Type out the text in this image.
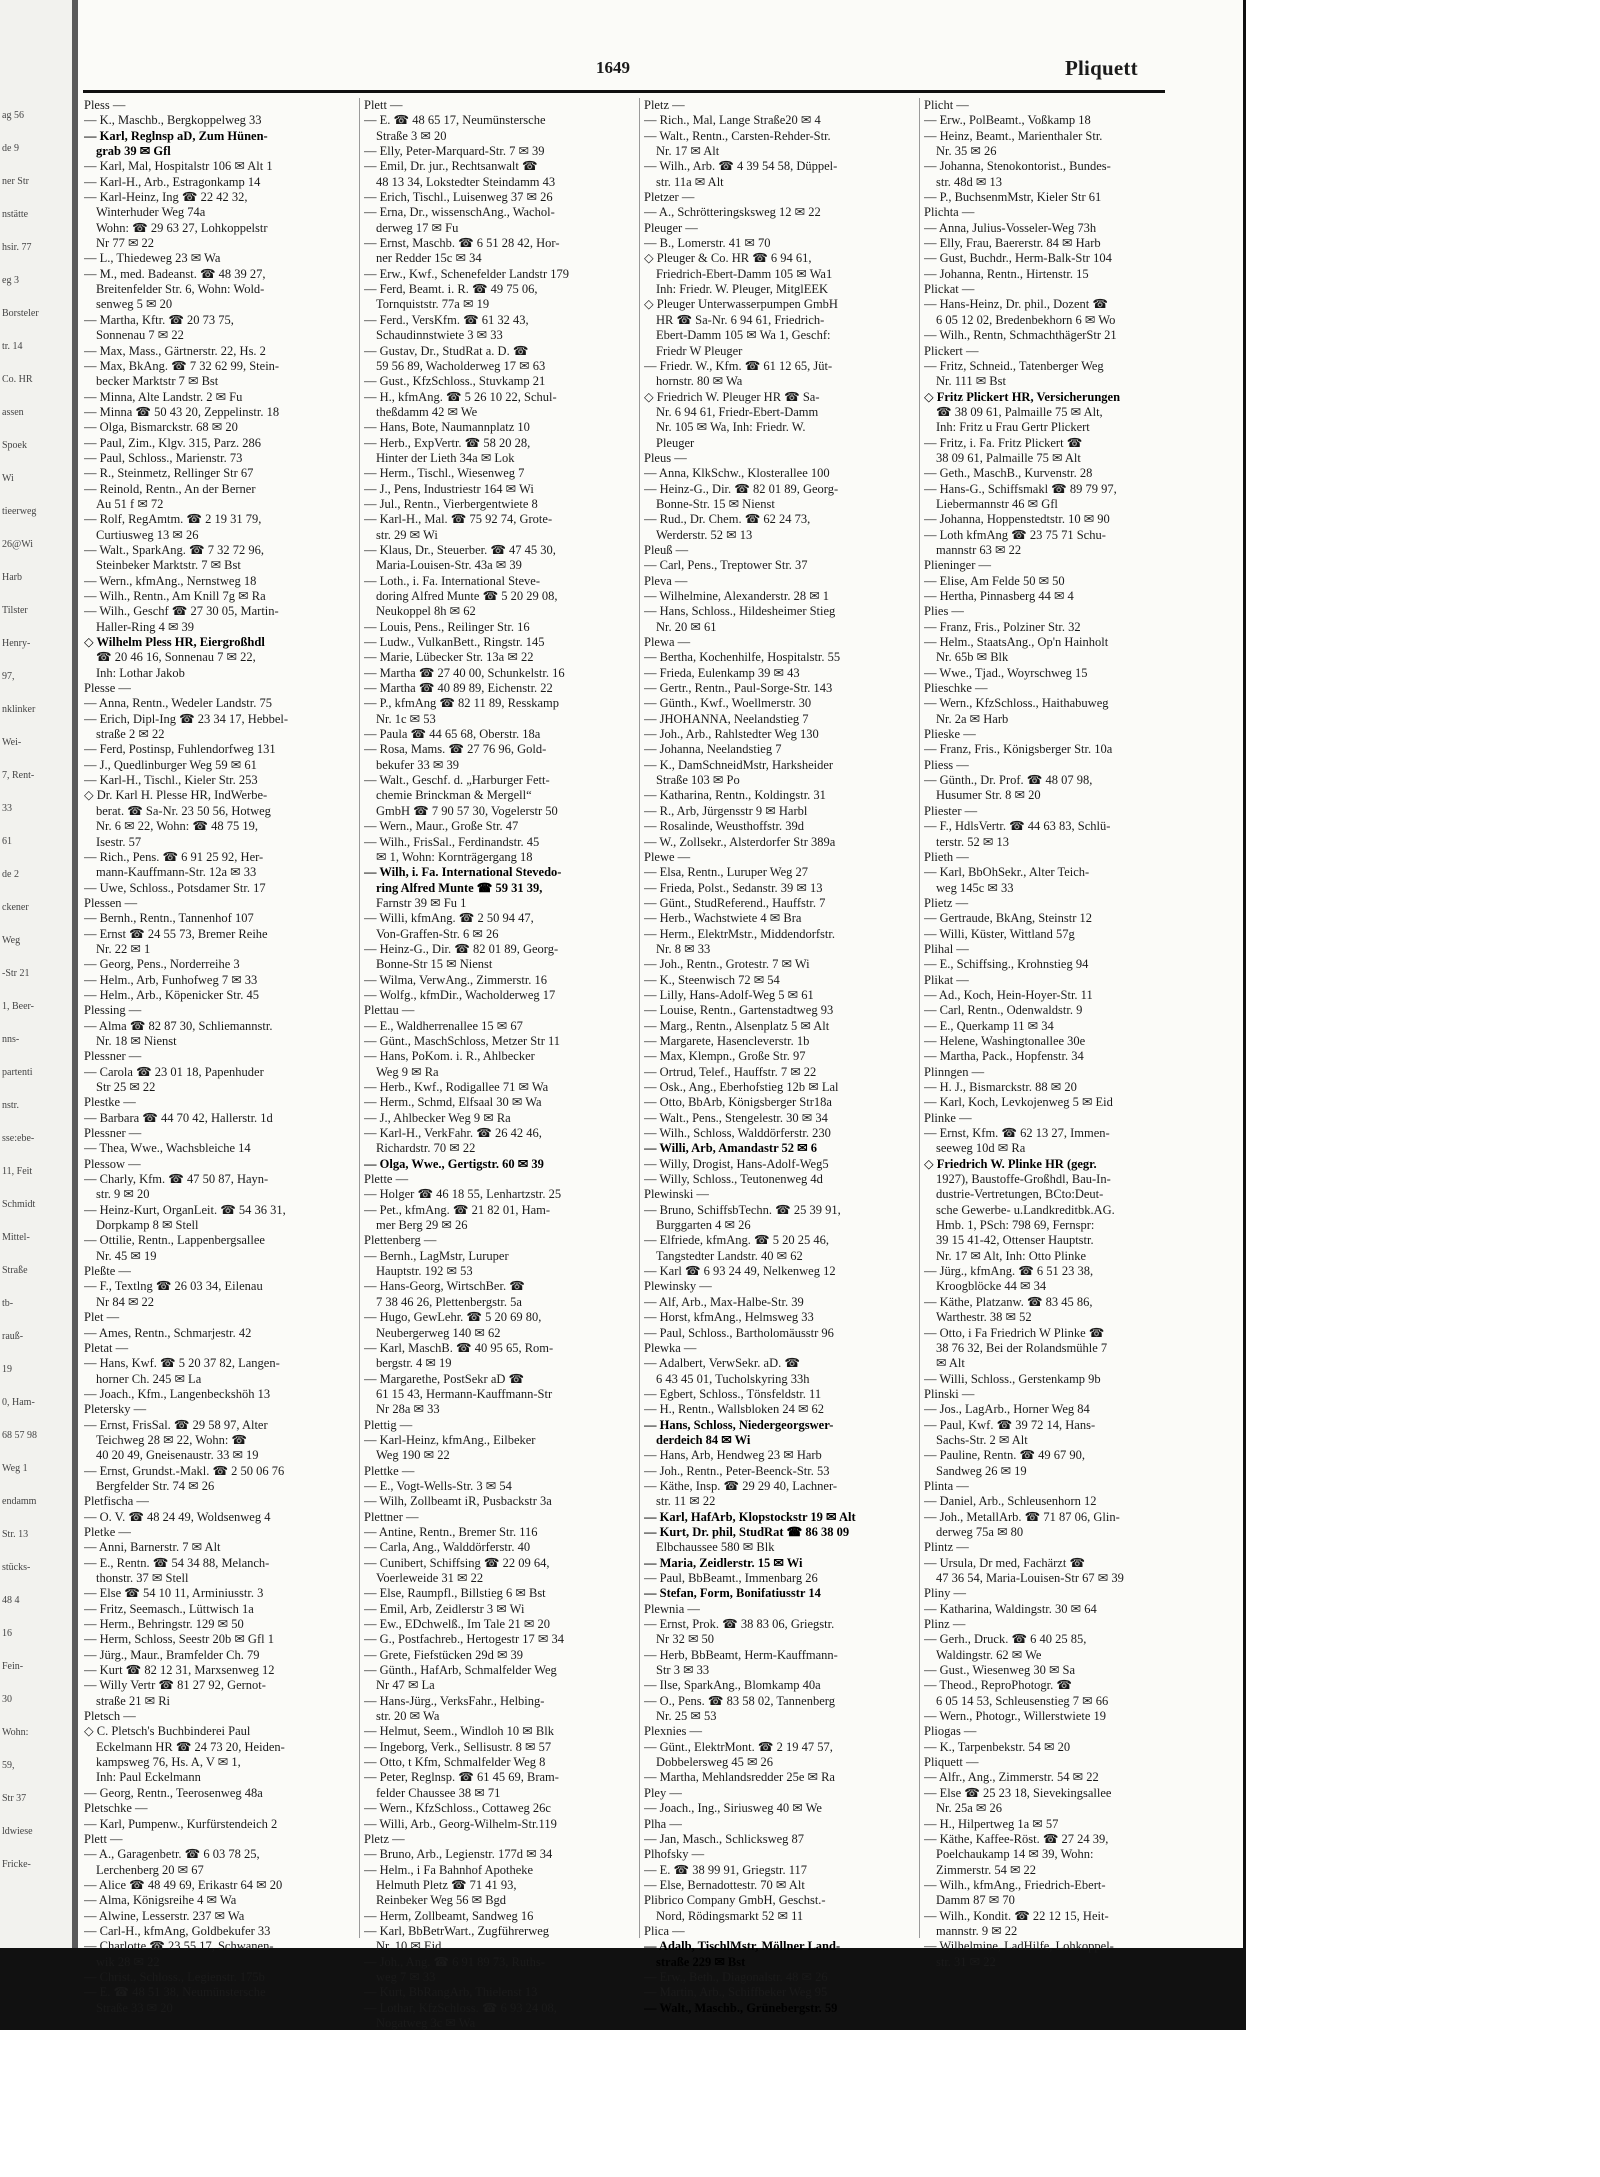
ag 56
de 9
ner Str
nstätte
hsir. 77
eg 3
Borsteler
tr. 14
Co. HR
assen
Spoek
Wi
tieerweg
26@Wi
Harb
Tilster
Henry-
97,
nklinker
Wei-
7, Rent-
33
61
de 2
ckener
Weg
-Str 21
1, Beer-
nns-
partenti
nstr.
sse:ebe-
11, Feit
Schmidt
Mittel-
Straße
tb-
rauß-
19
0, Ham-
68 57 98
Weg 1
endamm
Str. 13
stücks-
48 4
16
Fein-
30
Wohn:
59,
Str 37
ldwiese
Fricke-
1649	Pliquett
Pless —
— K., Maschb., Bergkoppelweg 33
— Karl, Reglnsp aD, Zum Hünen-
grab 39 ✉ Gfl
— Karl, Mal, Hospitalstr 106 ✉ Alt 1
— Karl-H., Arb., Estragonkamp 14
— Karl-Heinz, Ing ☎ 22 42 32,
Winterhuder Weg 74a
Wohn: ☎ 29 63 27, Lohkoppelstr
Nr 77 ✉ 22
— L., Thiedeweg 23 ✉ Wa
— M., med. Badeanst. ☎ 48 39 27,
Breitenfelder Str. 6, Wohn: Wold-
senweg 5 ✉ 20
— Martha, Kftr. ☎ 20 73 75,
Sonnenau 7 ✉ 22
— Max, Mass., Gärtnerstr. 22, Hs. 2
— Max, BkAng. ☎ 7 32 62 99, Stein-
becker Marktstr 7 ✉ Bst
— Minna, Alte Landstr. 2 ✉ Fu
— Minna ☎ 50 43 20, Zeppelinstr. 18
— Olga, Bismarckstr. 68 ✉ 20
— Paul, Zim., Klgv. 315, Parz. 286
— Paul, Schloss., Marienstr. 73
— R., Steinmetz, Rellinger Str 67
— Reinold, Rentn., An der Berner
Au 51 f ✉ 72
— Rolf, RegAmtm. ☎ 2 19 31 79,
Curtiusweg 13 ✉ 26
— Walt., SparkAng. ☎ 7 32 72 96,
Steinbeker Marktstr. 7 ✉ Bst
— Wern., kfmAng., Nernstweg 18
— Wilh., Rentn., Am Knill 7g ✉ Ra
— Wilh., Geschf ☎ 27 30 05, Martin-
Haller-Ring 4 ✉ 39
◇ Wilhelm Pless HR, Eiergroßhdl
☎ 20 46 16, Sonnenau 7 ✉ 22,
Inh: Lothar Jakob
Plesse —
— Anna, Rentn., Wedeler Landstr. 75
— Erich, Dipl-Ing ☎ 23 34 17, Hebbel-
straße 2 ✉ 22
— Ferd, Postinsp, Fuhlendorfweg 131
— J., Quedlinburger Weg 59 ✉ 61
— Karl-H., Tischl., Kieler Str. 253
◇ Dr. Karl H. Plesse HR, IndWerbe-
berat. ☎ Sa-Nr. 23 50 56, Hotweg
Nr. 6 ✉ 22, Wohn: ☎ 48 75 19,
Isestr. 57
— Rich., Pens. ☎ 6 91 25 92, Her-
mann-Kauffmann-Str. 12a ✉ 33
— Uwe, Schloss., Potsdamer Str. 17
Plessen —
— Bernh., Rentn., Tannenhof 107
— Ernst ☎ 24 55 73, Bremer Reihe
Nr. 22 ✉ 1
— Georg, Pens., Norderreihe 3
— Helm., Arb, Funhofweg 7 ✉ 33
— Helm., Arb., Köpenicker Str. 45
Plessing —
— Alma ☎ 82 87 30, Schliemannstr.
Nr. 18 ✉ Nienst
Plessner —
— Carola ☎ 23 01 18, Papenhuder
Str 25 ✉ 22
Plestke —
— Barbara ☎ 44 70 42, Hallerstr. 1d
Plessner —
— Thea, Wwe., Wachsbleiche 14
Plessow —
— Charly, Kfm. ☎ 47 50 87, Hayn-
str. 9 ✉ 20
— Heinz-Kurt, OrganLeit. ☎ 54 36 31,
Dorpkamp 8 ✉ Stell
— Ottilie, Rentn., Lappenbergsallee
Nr. 45 ✉ 19
Pleßte —
— F., Textlng ☎ 26 03 34, Eilenau
Nr 84 ✉ 22
Plet —
— Ames, Rentn., Schmarjestr. 42
Pletat —
— Hans, Kwf. ☎ 5 20 37 82, Langen-
horner Ch. 245 ✉ La
— Joach., Kfm., Langenbeckshöh 13
Pletersky —
— Ernst, FrisSal. ☎ 29 58 97, Alter
Teichweg 28 ✉ 22, Wohn: ☎
40 20 49, Gneisenaustr. 33 ✉ 19
— Ernst, Grundst.-Makl. ☎ 2 50 06 76
Bergfelder Str. 74 ✉ 26
Pletfischa —
— O. V. ☎ 48 24 49, Woldsenweg 4
Pletke —
— Anni, Barnerstr. 7 ✉ Alt
— E., Rentn. ☎ 54 34 88, Melanch-
thonstr. 37 ✉ Stell
— Else ☎ 54 10 11, Arminiusstr. 3
— Fritz, Seemasch., Lüttwisch 1a
— Herm., Behringstr. 129 ✉ 50
— Herm, Schloss, Seestr 20b ✉ Gfl 1
— Jürg., Maur., Bramfelder Ch. 79
— Kurt ☎ 82 12 31, Marxsenweg 12
— Willy Vertr ☎ 81 27 92, Gernot-
straße 21 ✉ Ri
Pletsch —
◇ C. Pletsch's Buchbinderei Paul
Eckelmann HR ☎ 24 73 20, Heiden-
kampsweg 76, Hs. A, V ✉ 1,
Inh: Paul Eckelmann
— Georg, Rentn., Teerosenweg 48a
Pletschke —
— Karl, Pumpenw., Kurfürstendeich 2
Plett —
— A., Garagenbetr. ☎ 6 03 78 25,
Lerchenberg 20 ✉ 67
— Alice ☎ 48 49 69, Erikastr 64 ✉ 20
— Alma, Königsreihe 4 ✉ Wa
— Alwine, Lesserstr. 237 ✉ Wa
— Carl-H., kfmAng, Goldbekufer 33
— Charlotte ☎ 23 55 17, Schwanen-
wik 28 ✉ 22
— Christ., Schloss., Legienstr. 175b
— E. ☎ 48 51 38, Neumünstersche
Straße 33 ✉ 20
Plett —
— E. ☎ 48 65 17, Neumünstersche
Straße 3 ✉ 20
— Elly, Peter-Marquard-Str. 7 ✉ 39
— Emil, Dr. jur., Rechtsanwalt ☎
48 13 34, Lokstedter Steindamm 43
— Erich, Tischl., Luisenweg 37 ✉ 26
— Erna, Dr., wissenschAng., Wachol-
derweg 17 ✉ Fu
— Ernst, Maschb. ☎ 6 51 28 42, Hor-
ner Redder 15c ✉ 34
— Erw., Kwf., Schenefelder Landstr 179
— Ferd, Beamt. i. R. ☎ 49 75 06,
Tornquiststr. 77a ✉ 19
— Ferd., VersKfm. ☎ 61 32 43,
Schaudinnstwiete 3 ✉ 33
— Gustav, Dr., StudRat a. D. ☎
59 56 89, Wacholderweg 17 ✉ 63
— Gust., KfzSchloss., Stuvkamp 21
— H., kfmAng. ☎ 5 26 10 22, Schul-
theßdamm 42 ✉ We
— Hans, Bote, Naumannplatz 10
— Herb., ExpVertr. ☎ 58 20 28,
Hinter der Lieth 34a ✉ Lok
— Herm., Tischl., Wiesenweg 7
— J., Pens, Industriestr 164 ✉ Wi
— Jul., Rentn., Vierbergentwiete 8
— Karl-H., Mal. ☎ 75 92 74, Grote-
str. 29 ✉ Wi
— Klaus, Dr., Steuerber. ☎ 47 45 30,
Maria-Louisen-Str. 43a ✉ 39
— Loth., i. Fa. International Steve-
doring Alfred Munte ☎ 5 20 29 08,
Neukoppel 8h ✉ 62
— Louis, Pens., Reilinger Str. 16
— Ludw., VulkanBett., Ringstr. 145
— Marie, Lübecker Str. 13a ✉ 22
— Martha ☎ 27 40 00, Schunkelstr. 16
— Martha ☎ 40 89 89, Eichenstr. 22
— P., kfmAng ☎ 82 11 89, Resskamp
Nr. 1c ✉ 53
— Paula ☎ 44 65 68, Oberstr. 18a
— Rosa, Mams. ☎ 27 76 96, Gold-
bekufer 33 ✉ 39
— Walt., Geschf. d. „Harburger Fett-
chemie Brinckman & Mergell“
GmbH ☎ 7 90 57 30, Vogelerstr 50
— Wern., Maur., Große Str. 47
— Wilh., FrisSal., Ferdinandstr. 45
✉ 1, Wohn: Kornträgergang 18
— Wilh, i. Fa. International Stevedo-
ring Alfred Munte ☎ 59 31 39,
Farnstr 39 ✉ Fu 1
— Willi, kfmAng. ☎ 2 50 94 47,
Von-Graffen-Str. 6 ✉ 26
— Heinz-G., Dir. ☎ 82 01 89, Georg-
Bonne-Str 15 ✉ Nienst
— Wilma, VerwAng., Zimmerstr. 16
— Wolfg., kfmDir., Wacholderweg 17
Plettau —
— E., Waldherrenallee 15 ✉ 67
— Günt., MaschSchloss, Metzer Str 11
— Hans, PoKom. i. R., Ahlbecker
Weg 9 ✉ Ra
— Herb., Kwf., Rodigallee 71 ✉ Wa
— Herm., Schmd, Elfsaal 30 ✉ Wa
— J., Ahlbecker Weg 9 ✉ Ra
— Karl-H., VerkFahr. ☎ 26 42 46,
Richardstr. 70 ✉ 22
— Olga, Wwe., Gertigstr. 60 ✉ 39
Plette —
— Holger ☎ 46 18 55, Lenhartzstr. 25
— Pet., kfmAng. ☎ 21 82 01, Ham-
mer Berg 29 ✉ 26
Plettenberg —
— Bernh., LagMstr, Luruper
Hauptstr. 192 ✉ 53
— Hans-Georg, WirtschBer. ☎
7 38 46 26, Plettenbergstr. 5a
— Hugo, GewLehr. ☎ 5 20 69 80,
Neubergerweg 140 ✉ 62
— Karl, MaschB. ☎ 40 95 65, Rom-
bergstr. 4 ✉ 19
— Margarethe, PostSekr aD ☎
61 15 43, Hermann-Kauffmann-Str
Nr 28a ✉ 33
Plettig —
— Karl-Heinz, kfmAng., Eilbeker
Weg 190 ✉ 22
Plettke —
— E., Vogt-Wells-Str. 3 ✉ 54
— Wilh, Zollbeamt iR, Pusbackstr 3a
Plettner —
— Antine, Rentn., Bremer Str. 116
— Carla, Ang., Walddörferstr. 40
— Cunibert, Schiffsing ☎ 22 09 64,
Voerleweide 31 ✉ 22
— Else, Raumpfl., Billstieg 6 ✉ Bst
— Emil, Arb, Zeidlerstr 3 ✉ Wi
— Ew., EDchwelß., Im Tale 21 ✉ 20
— G., Postfachreb., Hertogestr 17 ✉ 34
— Grete, Fiefstücken 29d ✉ 39
— Günth., HafArb, Schmalfelder Weg
Nr 47 ✉ La
— Hans-Jürg., VerksFahr., Helbing-
str. 20 ✉ Wa
— Helmut, Seem., Windloh 10 ✉ Blk
— Ingeborg, Verk., Sellisustr. 8 ✉ 57
— Otto, t Kfm, Schmalfelder Weg 8
— Peter, Reglnsp. ☎ 61 45 69, Bram-
felder Chaussee 38 ✉ 71
— Wern., KfzSchloss., Cottaweg 26c
— Willi, Arb., Georg-Wilhelm-Str.119
Pletz —
— Bruno, Arb., Legienstr. 177d ✉ 34
— Helm., i Fa Bahnhof Apotheke
Helmuth Pletz ☎ 71 41 93,
Reinbeker Weg 56 ✉ Bgd
— Herm, Zollbeamt, Sandweg 16
— Karl, BbBetrWart., Zugführerweg
Nr. 10 ✉ Eid
— Joh., Ang. ☎ 6 91 89 73, Ruths-
weg 7 ✉ 33
— Kurt, BbRangArb, Thielenst 13
— Lothar, KfzSchloss. ☎ 6 93 24 08,
Nogatweg 3c ✉ Wa
Pletz —
— Rich., Mal, Lange Straße20 ✉ 4
— Walt., Rentn., Carsten-Rehder-Str.
Nr. 17 ✉ Alt
— Wilh., Arb. ☎ 4 39 54 58, Düppel-
str. 11a ✉ Alt
Pletzer —
— A., Schrötteringsksweg 12 ✉ 22
Pleuger —
— B., Lomerstr. 41 ✉ 70
◇ Pleuger & Co. HR ☎ 6 94 61,
Friedrich-Ebert-Damm 105 ✉ Wa1
Inh: Friedr. W. Pleuger, MitglEEK
◇ Pleuger Unterwasserpumpen GmbH
HR ☎ Sa-Nr. 6 94 61, Friedrich-
Ebert-Damm 105 ✉ Wa 1, Geschf:
Friedr W Pleuger
— Friedr. W., Kfm. ☎ 61 12 65, Jüt-
hornstr. 80 ✉ Wa
◇ Friedrich W. Pleuger HR ☎ Sa-
Nr. 6 94 61, Friedr-Ebert-Damm
Nr. 105 ✉ Wa, Inh: Friedr. W.
Pleuger
Pleus —
— Anna, KlkSchw., Klosterallee 100
— Heinz-G., Dir. ☎ 82 01 89, Georg-
Bonne-Str. 15 ✉ Nienst
— Rud., Dr. Chem. ☎ 62 24 73,
Werderstr. 52 ✉ 13
Pleuß —
— Carl, Pens., Treptower Str. 37
Pleva —
— Wilhelmine, Alexanderstr. 28 ✉ 1
— Hans, Schloss., Hildesheimer Stieg
Nr. 20 ✉ 61
Plewa —
— Bertha, Kochenhilfe, Hospitalstr. 55
— Frieda, Eulenkamp 39 ✉ 43
— Gertr., Rentn., Paul-Sorge-Str. 143
— Günth., Kwf., Woellmerstr. 30
— JHOHANNA, Neelandstieg 7
— Joh., Arb., Rahlstedter Weg 130
— Johanna, Neelandstieg 7
— K., DamSchneidMstr, Harksheider
Straße 103 ✉ Po
— Katharina, Rentn., Koldingstr. 31
— R., Arb, Jürgensstr 9 ✉ Harbl
— Rosalinde, Weusthoffstr. 39d
— W., Zollsekr., Alsterdorfer Str 389a
Plewe —
— Elsa, Rentn., Luruper Weg 27
— Frieda, Polst., Sedanstr. 39 ✉ 13
— Günt., StudReferend., Hauffstr. 7
— Herb., Wachstwiete 4 ✉ Bra
— Herm., ElektrMstr., Middendorfstr.
Nr. 8 ✉ 33
— Joh., Rentn., Grotestr. 7 ✉ Wi
— K., Steenwisch 72 ✉ 54
— Lilly, Hans-Adolf-Weg 5 ✉ 61
— Louise, Rentn., Gartenstadtweg 93
— Marg., Rentn., Alsenplatz 5 ✉ Alt
— Margarete, Hasencleverstr. 1b
— Max, Klempn., Große Str. 97
— Ortrud, Telef., Hauffstr. 7 ✉ 22
— Osk., Ang., Eberhofstieg 12b ✉ Lal
— Otto, BbArb, Königsberger Str18a
— Walt., Pens., Stengelestr. 30 ✉ 34
— Wilh., Schloss, Walddörferstr. 230
— Willi, Arb, Amandastr 52 ✉ 6
— Willy, Drogist, Hans-Adolf-Weg5
— Willy, Schloss., Teutonenweg 4d
Plewinski —
— Bruno, SchiffsbTechn. ☎ 25 39 91,
Burggarten 4 ✉ 26
— Elfriede, kfmAng. ☎ 5 20 25 46,
Tangstedter Landstr. 40 ✉ 62
— Karl ☎ 6 93 24 49, Nelkenweg 12
Plewinsky —
— Alf, Arb., Max-Halbe-Str. 39
— Horst, kfmAng., Helmsweg 33
— Paul, Schloss., Bartholomäusstr 96
Plewka —
— Adalbert, VerwSekr. aD. ☎
6 43 45 01, Tucholskyring 33h
— Egbert, Schloss., Tönsfeldstr. 11
— H., Rentn., Wallsbloken 24 ✉ 62
— Hans, Schloss, Niedergeorgswer-
derdeich 84 ✉ Wi
— Hans, Arb, Hendweg 23 ✉ Harb
— Joh., Rentn., Peter-Beenck-Str. 53
— Käthe, Insp. ☎ 29 29 40, Lachner-
str. 11 ✉ 22
— Karl, HafArb, Klopstockstr 19 ✉ Alt
— Kurt, Dr. phil, StudRat ☎ 86 38 09
Elbchaussee 580 ✉ Blk
— Maria, Zeidlerstr. 15 ✉ Wi
— Paul, BbBeamt., Immenbarg 26
— Stefan, Form, Bonifatiusstr 14
Plewnia —
— Ernst, Prok. ☎ 38 83 06, Griegstr.
Nr 32 ✉ 50
— Herb, BbBeamt, Herm-Kauffmann-
Str 3 ✉ 33
— Ilse, SparkAng., Blomkamp 40a
— O., Pens. ☎ 83 58 02, Tannenberg
Nr. 25 ✉ 53
Plexnies —
— Günt., ElektrMont. ☎ 2 19 47 57,
Dobbelersweg 45 ✉ 26
— Martha, Mehlandsredder 25e ✉ Ra
Pley —
— Joach., Ing., Siriusweg 40 ✉ We
Plha —
— Jan, Masch., Schlicksweg 87
Plhofsky —
— E. ☎ 38 99 91, Griegstr. 117
— Else, Bernadottestr. 70 ✉ Alt
Plibrico Company GmbH, Geschst.-
Nord, Rödingsmarkt 52 ✉ 11
Plica —
— Adalb, TischlMstr, Möllner Land-
straße 229 ✉ Bst
— Erw., Beth., Diagonalstr. 48 ✉ 26
— Martin, Arb., Schiffbeker Weg 95
— Walt., Maschb., Grünebergstr. 59
Plicht —
— Erw., PolBeamt., Voßkamp 18
— Heinz, Beamt., Marienthaler Str.
Nr. 35 ✉ 26
— Johanna, Stenokontorist., Bundes-
str. 48d ✉ 13
— P., BuchsenmMstr, Kieler Str 61
Plichta —
— Anna, Julius-Vosseler-Weg 73h
— Elly, Frau, Baererstr. 84 ✉ Harb
— Gust, Buchdr., Herm-Balk-Str 104
— Johanna, Rentn., Hirtenstr. 15
Plickat —
— Hans-Heinz, Dr. phil., Dozent ☎
6 05 12 02, Bredenbekhorn 6 ✉ Wo
— Wilh., Rentn, SchmachthägerStr 21
Plickert —
— Fritz, Schneid., Tatenberger Weg
Nr. 111 ✉ Bst
◇ Fritz Plickert HR, Versicherungen
☎ 38 09 61, Palmaille 75 ✉ Alt,
Inh: Fritz u Frau Gertr Plickert
— Fritz, i. Fa. Fritz Plickert ☎
38 09 61, Palmaille 75 ✉ Alt
— Geth., MaschB., Kurvenstr. 28
— Hans-G., Schiffsmakl ☎ 89 79 97,
Liebermannstr 46 ✉ Gfl
— Johanna, Hoppenstedtstr. 10 ✉ 90
— Loth kfmAng ☎ 23 75 71 Schu-
mannstr 63 ✉ 22
Plieninger —
— Elise, Am Felde 50 ✉ 50
— Hertha, Pinnasberg 44 ✉ 4
Plies —
— Franz, Fris., Polziner Str. 32
— Helm., StaatsAng., Op'n Hainholt
Nr. 65b ✉ Blk
— Wwe., Tjad., Woyrschweg 15
Plieschke —
— Wern., KfzSchloss., Haithabuweg
Nr. 2a ✉ Harb
Plieske —
— Franz, Fris., Königsberger Str. 10a
Pliess —
— Günth., Dr. Prof. ☎ 48 07 98,
Husumer Str. 8 ✉ 20
Pliester —
— F., HdlsVertr. ☎ 44 63 83, Schlü-
terstr. 52 ✉ 13
Plieth —
— Karl, BbOhSekr., Alter Teich-
weg 145c ✉ 33
Plietz —
— Gertraude, BkAng, Steinstr 12
— Willi, Küster, Wittland 57g
Plihal —
— E., Schiffsing., Krohnstieg 94
Plikat —
— Ad., Koch, Hein-Hoyer-Str. 11
— Carl, Rentn., Odenwaldstr. 9
— E., Querkamp 11 ✉ 34
— Helene, Washingtonallee 30e
— Martha, Pack., Hopfenstr. 34
Plinngen —
— H. J., Bismarckstr. 88 ✉ 20
— Karl, Koch, Levkojenweg 5 ✉ Eid
Plinke —
— Ernst, Kfm. ☎ 62 13 27, Immen-
seeweg 10d ✉ Ra
◇ Friedrich W. Plinke HR (gegr.
1927), Baustoffe-Großhdl, Bau-In-
dustrie-Vertretungen, BCto:Deut-
sche Gewerbe- u.Landkreditbk.AG.
Hmb. 1, PSch: 798 69, Fernspr:
39 15 41-42, Ottenser Hauptstr.
Nr. 17 ✉ Alt, Inh: Otto Plinke
— Jürg., kfmAng. ☎ 6 51 23 38,
Kroogblöcke 44 ✉ 34
— Käthe, Platzanw. ☎ 83 45 86,
Warthestr. 38 ✉ 52
— Otto, i Fa Friedrich W Plinke ☎
38 76 32, Bei der Rolandsmühle 7
✉ Alt
— Willi, Schloss., Gerstenkamp 9b
Plinski —
— Jos., LagArb., Horner Weg 84
— Paul, Kwf. ☎ 39 72 14, Hans-
Sachs-Str. 2 ✉ Alt
— Pauline, Rentn. ☎ 49 67 90,
Sandweg 26 ✉ 19
Plinta —
— Daniel, Arb., Schleusenhorn 12
— Joh., MetallArb. ☎ 71 87 06, Glin-
derweg 75a ✉ 80
Plintz —
— Ursula, Dr med, Fachärzt ☎
47 36 54, Maria-Louisen-Str 67 ✉ 39
Pliny —
— Katharina, Waldingstr. 30 ✉ 64
Plinz —
— Gerh., Druck. ☎ 6 40 25 85,
Waldingstr. 62 ✉ We
— Gust., Wiesenweg 30 ✉ Sa
— Theod., ReproPhotogr. ☎
6 05 14 53, Schleusenstieg 7 ✉ 66
— Wern., Photogr., Willerstwiete 19
Pliogas —
— K., Tarpenbekstr. 54 ✉ 20
Pliquett —
— Alfr., Ang., Zimmerstr. 54 ✉ 22
— Else ☎ 25 23 18, Sievekingsallee
Nr. 25a ✉ 26
— H., Hilpertweg 1a ✉ 57
— Käthe, Kaffee-Röst. ☎ 27 24 39,
Poelchaukamp 14 ✉ 39, Wohn:
Zimmerstr. 54 ✉ 22
— Wilh., kfmAng., Friedrich-Ebert-
Damm 87 ✉ 70
— Wilh., Kondit. ☎ 22 12 15, Heit-
mannstr. 9 ✉ 22
— Wilhelmine, LadHilfe, Lohkoppel-
str. 31 ✉ 22
